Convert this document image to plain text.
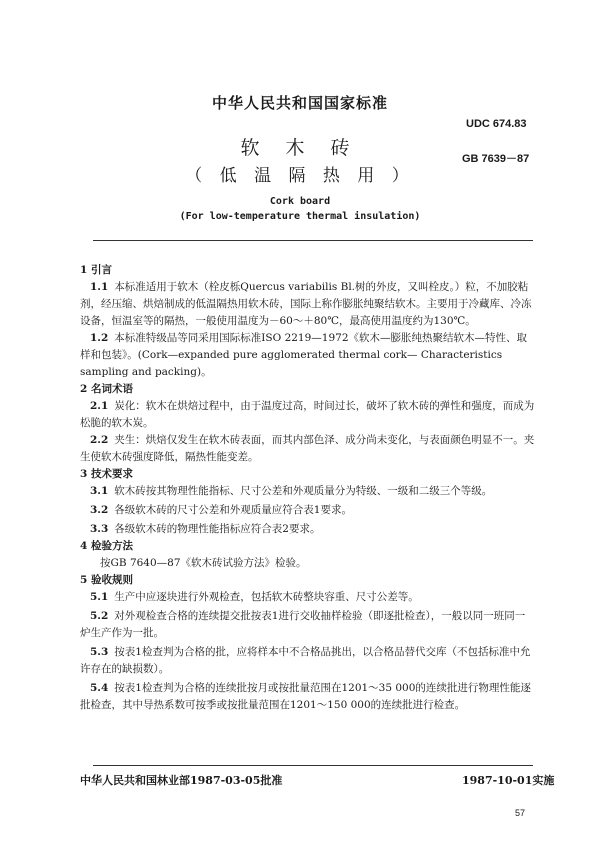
中华人民共和国国家标准
UDC 674.83
软 木 砖	GB 7639－87
（ 低 温 隔 热 用 ）
Cork board
(For low-temperature thermal insulation)

1 引言

1.1 本标准适用于软木（栓皮栎Quercus variabilis Bl.树的外皮，又叫栓皮。）粒，不加胶粘剂，经压缩、烘焙制成的低温隔热用软木砖，国际上称作膨胀纯聚结软木。主要用于冷藏库、冷冻设备，恒温室等的隔热，一般使用温度为－60～＋80℃，最高使用温度约为130℃。

1.2 本标准特级品等同采用国际标准ISO 2219—1972《软木—膨胀纯热聚结软木—特性、取样和包装》。(Cork—expanded pure agglomerated thermal cork— Characteristics sampling and packing)。

2 名词术语

2.1 炭化：软木在烘焙过程中，由于温度过高，时间过长，破坏了软木砖的弹性和强度，而成为松脆的软木炭。

2.2 夹生：烘焙仅发生在软木砖表面，而其内部色泽、成分尚未变化，与表面颜色明显不一。夹生使软木砖强度降低，隔热性能变差。

3 技术要求

3.1 软木砖按其物理性能指标、尺寸公差和外观质量分为特级、一级和二级三个等级。

3.2 各级软木砖的尺寸公差和外观质量应符合表1要求。

3.3 各级软木砖的物理性能指标应符合表2要求。

4 检验方法

按GB 7640—87《软木砖试验方法》检验。

5 验收规则

5.1 生产中应逐块进行外观检查，包括软木砖整块容重、尺寸公差等。

5.2 对外观检查合格的连续提交批按表1进行交收抽样检验（即逐批检查），一般以同一班同一炉生产作为一批。

5.3 按表1检查判为合格的批，应将样本中不合格品挑出，以合格品替代交库（不包括标准中允许存在的缺损数）。

5.4 按表1检查判为合格的连续批按月或按批量范围在1201～35 000的连续批进行物理性能逐批检查，其中导热系数可按季或按批量范围在1201～150 000的连续批进行检查。

中华人民共和国林业部1987-03-05批准	1987-10-01实施
57
